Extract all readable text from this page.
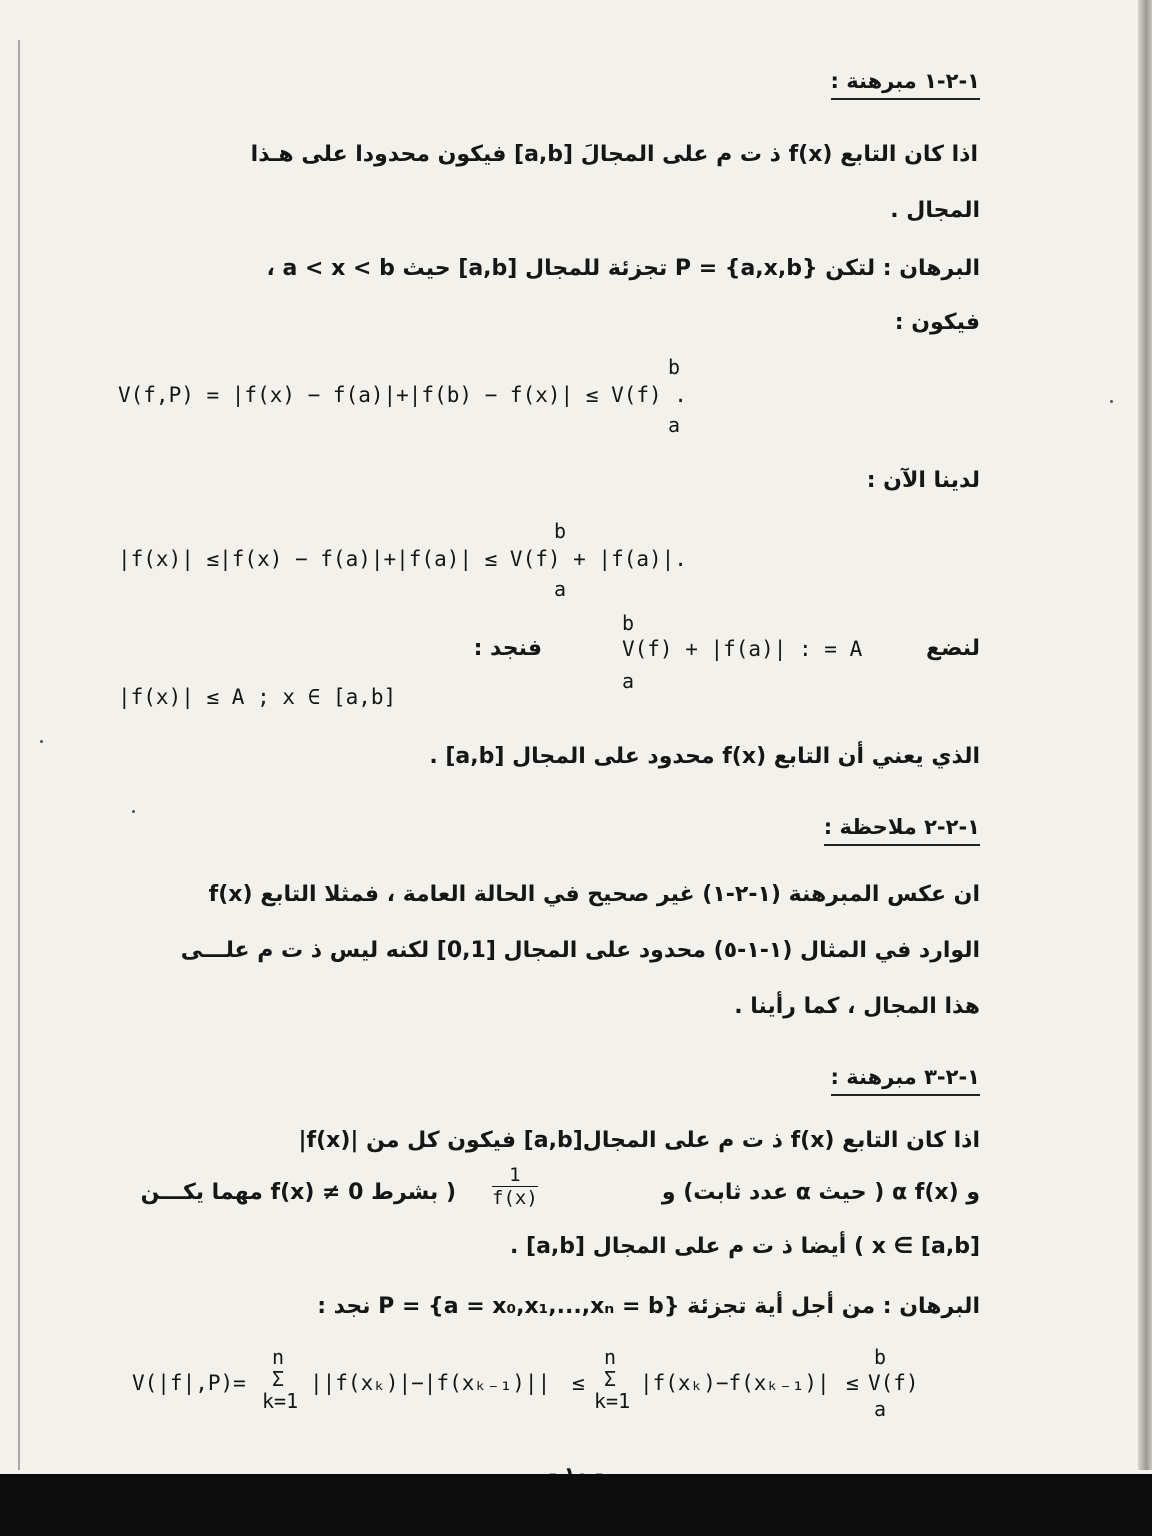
١-٢-١ مبرهنة :
اذا كان التابع (f(x ذ ت م على المجالَ [a,b] فيكون محدودا على هـذا
المجال .
البرهان : لتكن {P = {a,x,b تجزئة للمجال [a,b] حيث a < x < b ،
فيكون :
V(f,P) = |f(x) − f(a)|+|f(b) − f(x)| ≤ V(f) .
b
a
لدينا الآن :
|f(x)| ≤|f(x) − f(a)|+|f(a)| ≤ V(f) + |f(a)|.
b
a
لنضع
V(f) + |f(a)| : = A
b
a
فنجد :
|f(x)| ≤ A ; x ∈ [a,b]
الذي يعني أن التابع (f(x محدود على المجال [a,b] .
١-٢-٢ ملاحظة :
ان عكس المبرهنة (١-٢-١) غير صحيح في الحالة العامة ، فمثلا التابع (f(x
الوارد في المثال (١-١-٥) محدود على المجال [0,1] لكنه ليس ذ ت م علـــى
هذا المجال ، كما رأينا .
١-٢-٣ مبرهنة :
اذا كان التابع (f(x ذ ت م على المجال[a,b] فيكون كل من |(f(x|
و α f(x) ( حيث α عدد ثابت) و
$\frac{1}{f(x)}$
( بشرط f(x) ≠ 0 مهما يكـــن
x ∈ [a,b] ) أيضا ذ ت م على المجال [a,b] .
البرهان : من أجل أية تجزئة {P = {a = x₀,x₁,...,xₙ = b نجد :
V(|f|,P)=
n
Σ
k=1
||f(xₖ)|−|f(xₖ₋₁)|| ≤
n
Σ
k=1
|f(xₖ)−f(xₖ₋₁)| ≤
b
V(f)
a
